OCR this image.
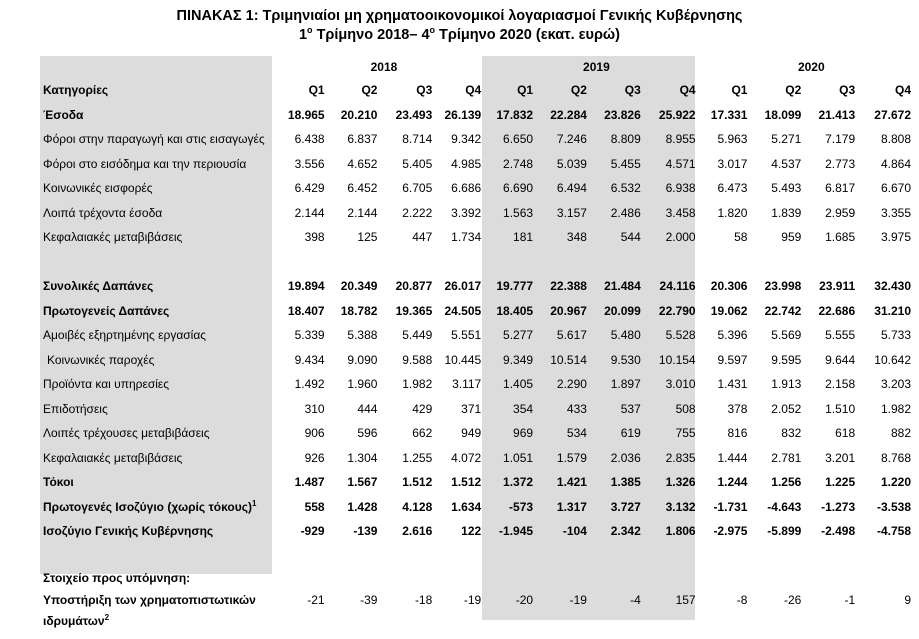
ΠΙΝΑΚΑΣ 1: Τριμηνιαίοι μη χρηματοοικονομικοί λογαριασμοί Γενικής Κυβέρνησης
$1^o$ Τρίμηνο 2018– $4^o$ Τρίμηνο 2020 (εκατ. ευρώ)
	2018				2019				2020			
Κατηγορίες	Q1	Q2	Q3	Q4	Q1	Q2	Q3	Q4	Q1	Q2	Q3	Q4
Έσοδα	18.965	20.210	23.493	26.139	17.832	22.284	23.826	25.922	17.331	18.099	21.413	27.672
Φόροι στην παραγωγή και στις εισαγωγές	6.438	6.837	8.714	9.342	6.650	7.246	8.809	8.955	5.963	5.271	7.179	8.808
Φόροι στο εισόδημα και την περιουσία	3.556	4.652	5.405	4.985	2.748	5.039	5.455	4.571	3.017	4.537	2.773	4.864
Κοινωνικές εισφορές	6.429	6.452	6.705	6.686	6.690	6.494	6.532	6.938	6.473	5.493	6.817	6.670
Λοιπά τρέχοντα έσοδα	2.144	2.144	2.222	3.392	1.563	3.157	2.486	3.458	1.820	1.839	2.959	3.355
Κεφαλαιακές μεταβιβάσεις	398	125	447	1.734	181	348	544	2.000	58	959	1.685	3.975

Συνολικές Δαπάνες	19.894	20.349	20.877	26.017	19.777	22.388	21.484	24.116	20.306	23.998	23.911	32.430
Πρωτογενείς Δαπάνες	18.407	18.782	19.365	24.505	18.405	20.967	20.099	22.790	19.062	22.742	22.686	31.210
Αμοιβές εξηρτημένης εργασίας	5.339	5.388	5.449	5.551	5.277	5.617	5.480	5.528	5.396	5.569	5.555	5.733
Κοινωνικές παροχές	9.434	9.090	9.588	10.445	9.349	10.514	9.530	10.154	9.597	9.595	9.644	10.642
Προϊόντα και υπηρεσίες	1.492	1.960	1.982	3.117	1.405	2.290	1.897	3.010	1.431	1.913	2.158	3.203
Επιδοτήσεις	310	444	429	371	354	433	537	508	378	2.052	1.510	1.982
Λοιπές τρέχουσες μεταβιβάσεις	906	596	662	949	969	534	619	755	816	832	618	882
Κεφαλαιακές μεταβιβάσεις	926	1.304	1.255	4.072	1.051	1.579	2.036	2.835	1.444	2.781	3.201	8.768
Τόκοι	1.487	1.567	1.512	1.512	1.372	1.421	1.385	1.326	1.244	1.256	1.225	1.220
Πρωτογενές Ισοζύγιο (χωρίς τόκους)$^1$	558	1.428	4.128	1.634	-573	1.317	3.727	3.132	-1.731	-4.643	-1.273	-3.538
Ισοζύγιο Γενικής Κυβέρνησης	-929	-139	2.616	122	-1.945	-104	2.342	1.806	-2.975	-5.899	-2.498	-4.758

Στοιχείο προς υπόμνηση:												
Υποστήριξη των χρηματοπιστωτικών
ιδρυμάτων$^2$	-21	-39	-18	-19	-20	-19	-4	157	-8	-26	-1	9
